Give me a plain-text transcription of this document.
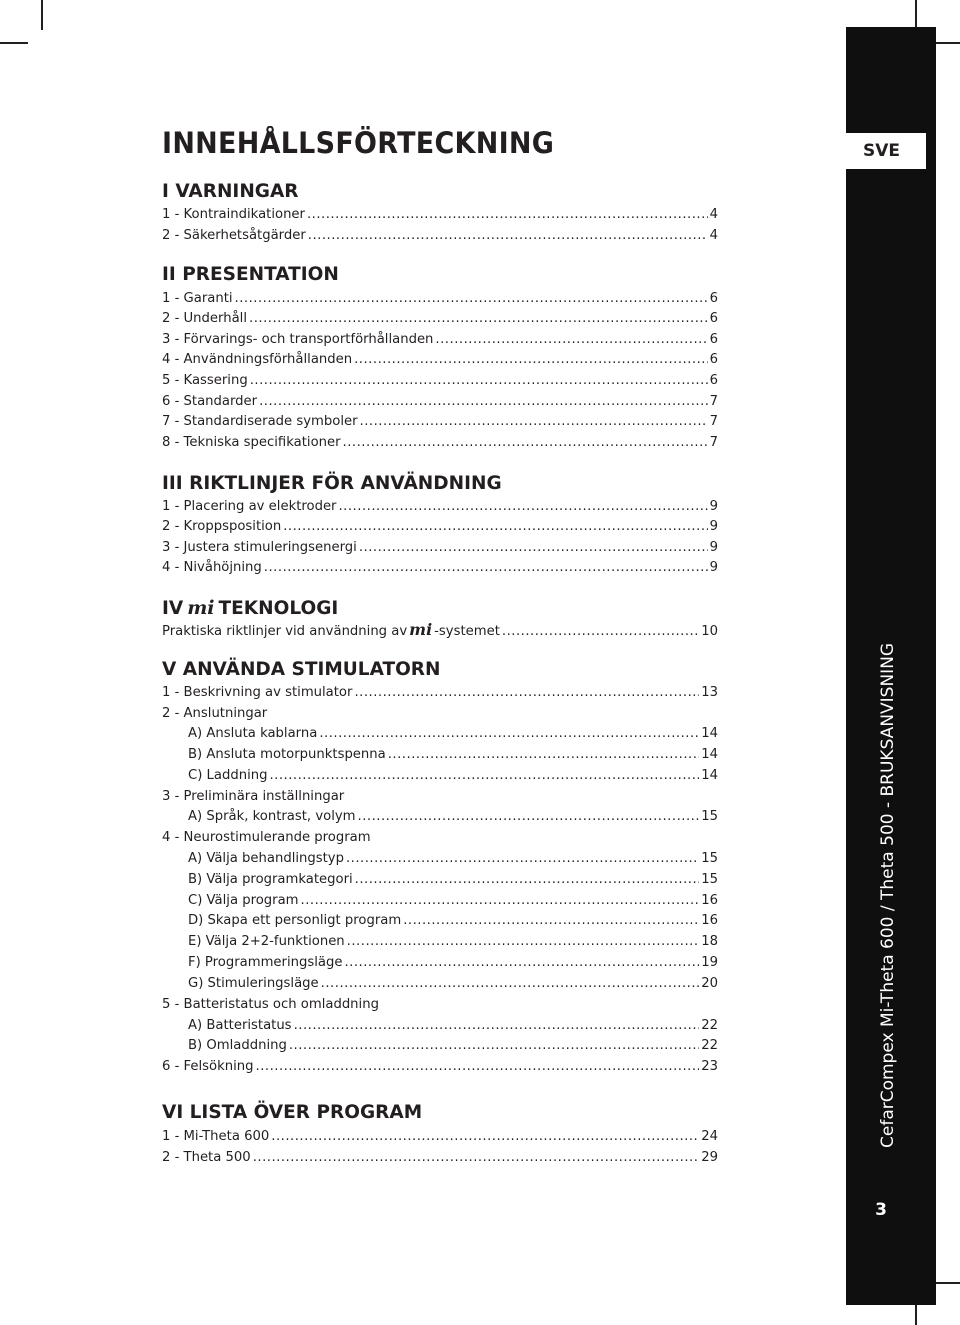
SVE
CefarCompex Mi-Theta 600 / Theta 500 - BRUKSANVISNING
3
INNEHÅLLSFÖRTECKNING
I VARNINGAR
1 - Kontraindikationer .....	4
2 - Säkerhetsåtgärder .....	4
II PRESENTATION
1 - Garanti .....	6
2 - Underhåll .....	6
3 - Förvarings- och transportförhållanden .....	6
4 - Användningsförhållanden .....	6
5 - Kassering .....	6
6 - Standarder .....	7
7 - Standardiserade symboler .....	7
8 - Tekniska specifikationer .....	7
III RIKTLINJER FÖR ANVÄNDNING
1 - Placering av elektroder .....	9
2 - Kroppsposition .....	9
3 - Justera stimuleringsenergi .....	9
4 - Nivåhöjning .....	9
IV mi TEKNOLOGI
Praktiska riktlinjer vid användning av mi -systemet .....	10
V ANVÄNDA STIMULATORN
1 - Beskrivning av stimulator .....	13
2 - Anslutningar
A) Ansluta kablarna .....	14
B) Ansluta motorpunktspenna .....	14
C) Laddning .....	14
3 - Preliminära inställningar
A) Språk, kontrast, volym .....	15
4 - Neurostimulerande program
A) Välja behandlingstyp .....	15
B) Välja programkategori .....	15
C) Välja program .....	16
D) Skapa ett personligt program .....	16
E) Välja 2+2-funktionen .....	18
F) Programmeringsläge .....	19
G) Stimuleringsläge .....	20
5 - Batteristatus och omladdning
A) Batteristatus .....	22
B) Omladdning .....	22
6 - Felsökning .....	23
VI LISTA ÖVER PROGRAM
1 - Mi-Theta 600 .....	24
2 - Theta 500 .....	29
